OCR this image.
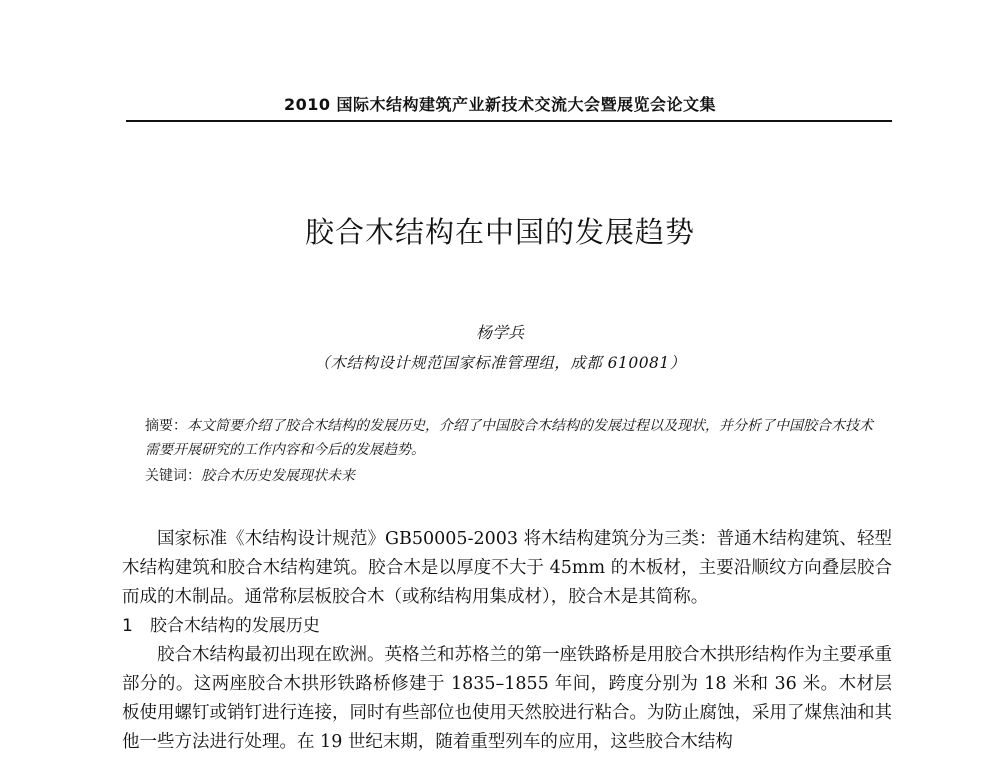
2010 国际木结构建筑产业新技术交流大会暨展览会论文集
胶合木结构在中国的发展趋势
杨学兵
（木结构设计规范国家标准管理组，成都 610081）
摘要：本文简要介绍了胶合木结构的发展历史，介绍了中国胶合木结构的发展过程以及现状，并分析了中国胶合木技术需要开展研究的工作内容和今后的发展趋势。
关键词：胶合木历史发展现状未来

国家标准《木结构设计规范》GB50005-2003 将木结构建筑分为三类：普通木结构建筑、轻型木结构建筑和胶合木结构建筑。胶合木是以厚度不大于 45mm 的木板材，主要沿顺纹方向叠层胶合而成的木制品。通常称层板胶合木（或称结构用集成材），胶合木是其简称。

1　胶合木结构的发展历史

胶合木结构最初出现在欧洲。英格兰和苏格兰的第一座铁路桥是用胶合木拱形结构作为主要承重部分的。这两座胶合木拱形铁路桥修建于 1835–1855 年间，跨度分别为 18 米和 36 米。木材层板使用螺钉或销钉进行连接，同时有些部位也使用天然胶进行粘合。为防止腐蚀，采用了煤焦油和其他一些方法进行处理。在 19 世纪末期，随着重型列车的应用，这些胶合木结构
